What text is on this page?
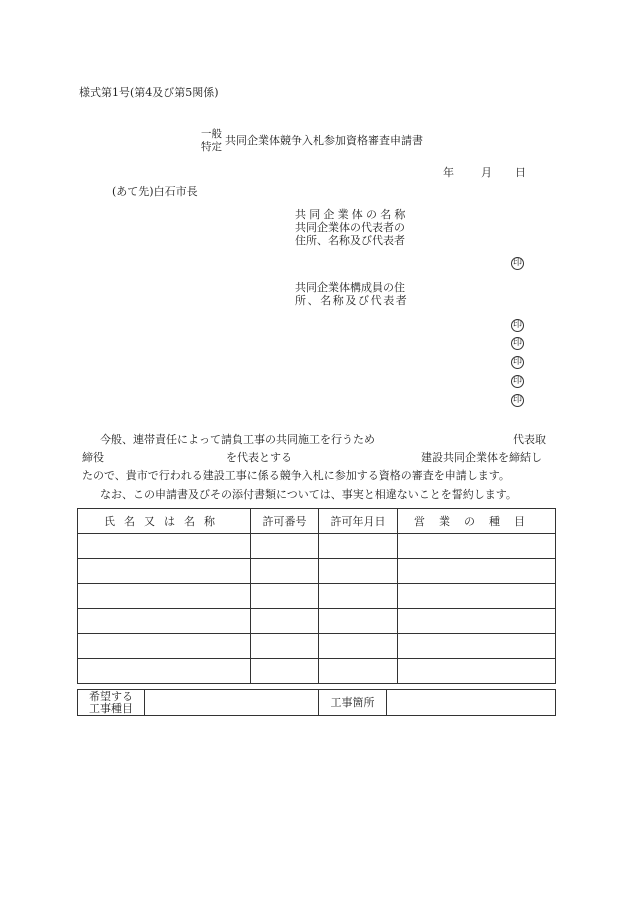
様式第1号(第4及び第5関係)
一般
特定 共同企業体競争入札参加資格審査申請書
年 月 日
(あて先)白石市長
共同企業体の名称
共同企業体の代表者の
住所、名称及び代表者
印
共同企業体構成員の住
所、名称及び代表者
印
印
印
印
印
今般、連帯責任によって請負工事の共同施工を行うため	代表取
締役	を代表とする	建設共同企業体を締結し
たので、貴市で行われる建設工事に係る競争入札に参加する資格の審査を申請します。
なお、この申請書及びその添付書類については、事実と相違ないことを誓約します。
氏名又は名称	許可番号	許可年月日	営業の種目

希望する
工事種目		工事箇所	
